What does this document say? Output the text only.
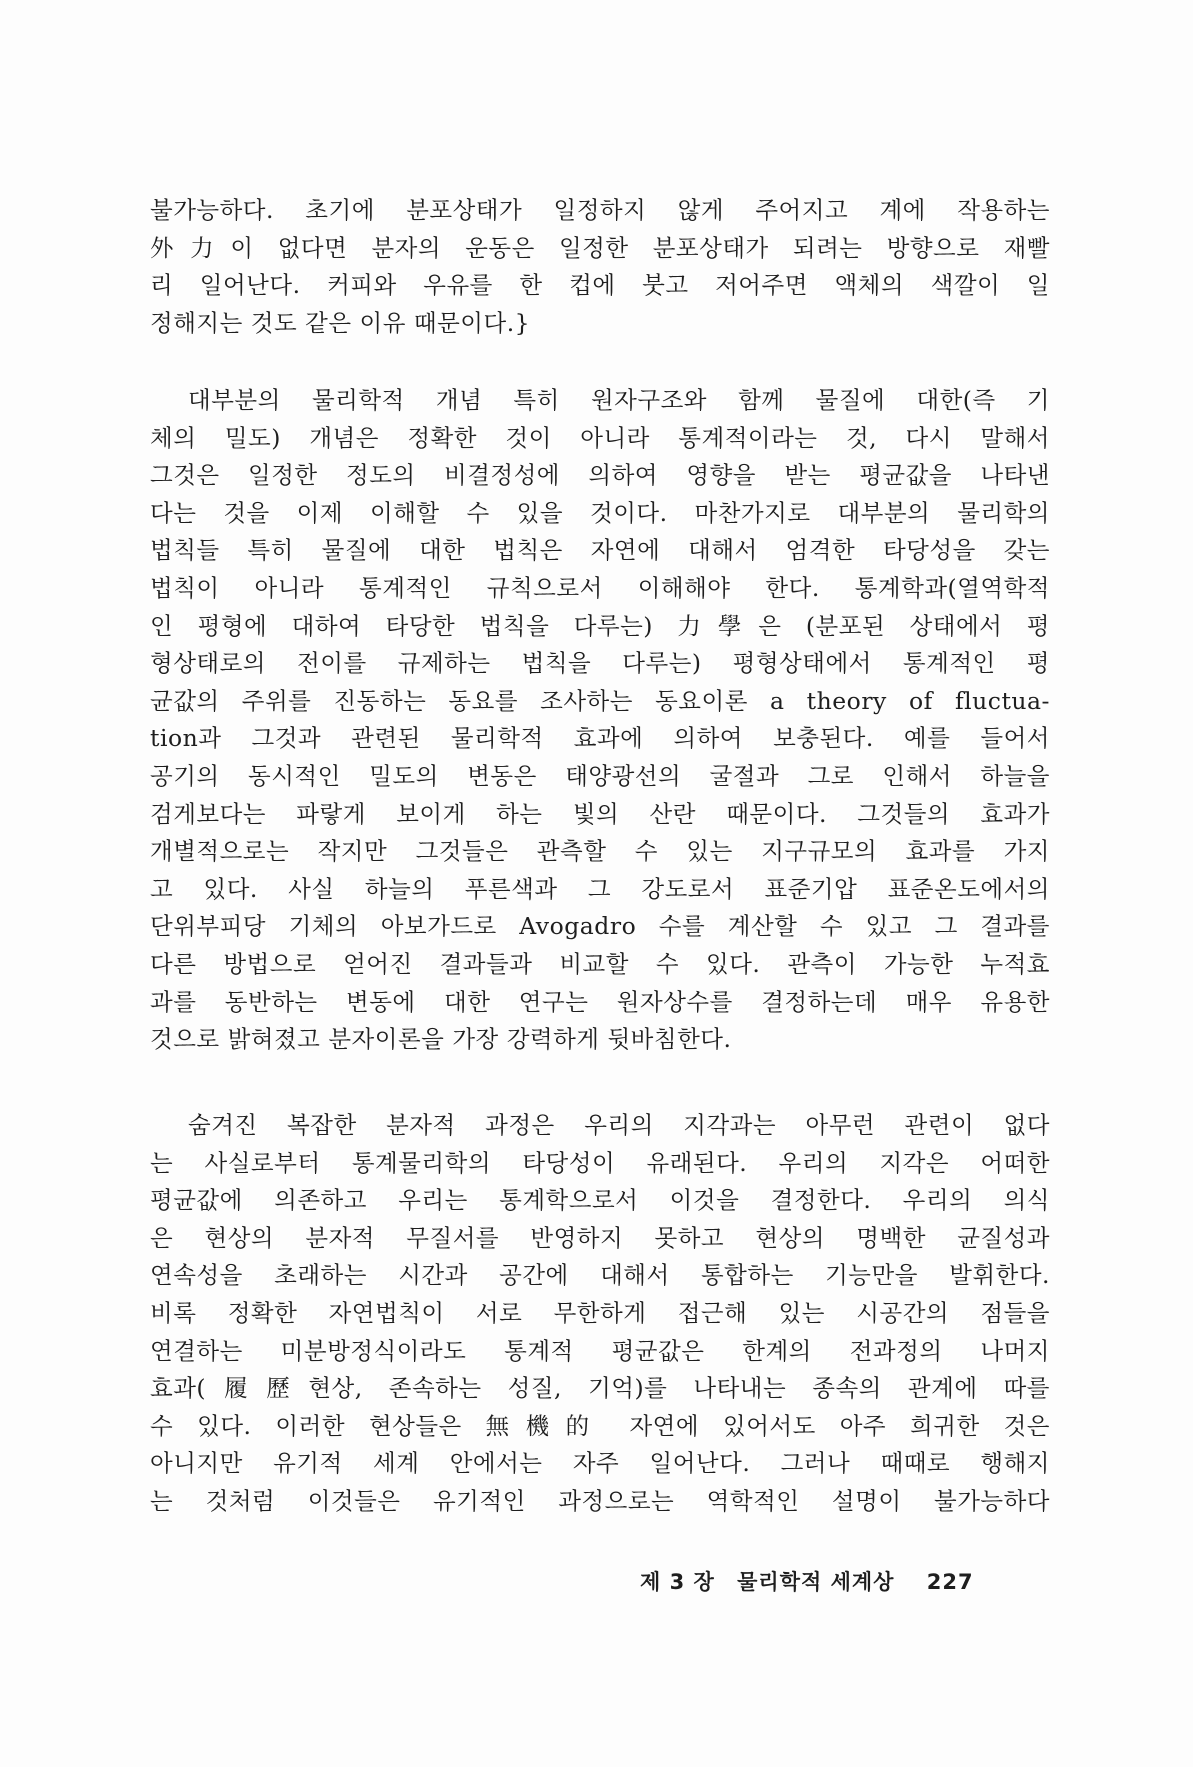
불가능하다. 초기에 분포상태가 일정하지 않게 주어지고 계에 작용하는
外力이 없다면 분자의 운동은 일정한 분포상태가 되려는 방향으로 재빨
리 일어난다. 커피와 우유를 한 컵에 붓고 저어주면 액체의 색깔이 일
정해지는 것도 같은 이유 때문이다.}
대부분의 물리학적 개념 특히 원자구조와 함께 물질에 대한(즉 기
체의 밀도) 개념은 정확한 것이 아니라 통계적이라는 것, 다시 말해서
그것은 일정한 정도의 비결정성에 의하여 영향을 받는 평균값을 나타낸
다는 것을 이제 이해할 수 있을 것이다. 마찬가지로 대부분의 물리학의
법칙들 특히 물질에 대한 법칙은 자연에 대해서 엄격한 타당성을 갖는
법칙이 아니라 통계적인 규칙으로서 이해해야 한다. 통계학과(열역학적
인 평형에 대하여 타당한 법칙을 다루는) 力學은 (분포된 상태에서 평
형상태로의 전이를 규제하는 법칙을 다루는) 평형상태에서 통계적인 평
균값의 주위를 진동하는 동요를 조사하는 동요이론 a theory of fluctua-
tion과 그것과 관련된 물리학적 효과에 의하여 보충된다. 예를 들어서
공기의 동시적인 밀도의 변동은 태양광선의 굴절과 그로 인해서 하늘을
검게보다는 파랗게 보이게 하는 빛의 산란 때문이다. 그것들의 효과가
개별적으로는 작지만 그것들은 관측할 수 있는 지구규모의 효과를 가지
고 있다. 사실 하늘의 푸른색과 그 강도로서 표준기압 표준온도에서의
단위부피당 기체의 아보가드로 Avogadro 수를 계산할 수 있고 그 결과를
다른 방법으로 얻어진 결과들과 비교할 수 있다. 관측이 가능한 누적효
과를 동반하는 변동에 대한 연구는 원자상수를 결정하는데 매우 유용한
것으로 밝혀졌고 분자이론을 가장 강력하게 뒷바침한다.
숨겨진 복잡한 분자적 과정은 우리의 지각과는 아무런 관련이 없다
는 사실로부터 통계물리학의 타당성이 유래된다. 우리의 지각은 어떠한
평균값에 의존하고 우리는 통계학으로서 이것을 결정한다. 우리의 의식
은 현상의 분자적 무질서를 반영하지 못하고 현상의 명백한 균질성과
연속성을 초래하는 시간과 공간에 대해서 통합하는 기능만을 발휘한다.
비록 정확한 자연법칙이 서로 무한하게 접근해 있는 시공간의 점들을
연결하는 미분방정식이라도 통계적 평균값은 한계의 전과정의 나머지
효과(履歷현상, 존속하는 성질, 기억)를 나타내는 종속의 관계에 따를
수 있다. 이러한 현상들은 無機的 자연에 있어서도 아주 희귀한 것은
아니지만 유기적 세계 안에서는 자주 일어난다. 그러나 때때로 행해지
는 것처럼 이것들은 유기적인 과정으로는 역학적인 설명이 불가능하다
제 3 장 물리학적 세계상 227
